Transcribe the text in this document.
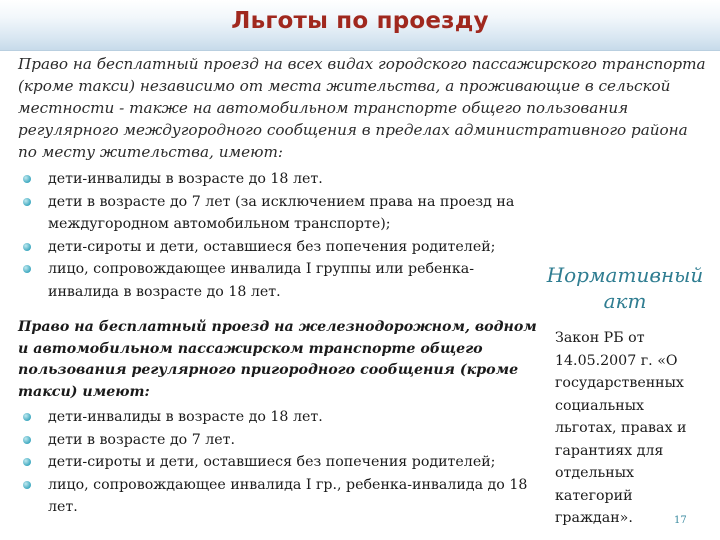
Льготы по проезду
Право на бесплатный проезд на всех видах городского пассажирского транспорта (кроме такси) независимо от места жительства, а проживающие в сельской местности - также на автомобильном транспорте общего пользования регулярного междугородного сообщения в пределах административного района по месту жительства, имеют:
дети-инвалиды в возрасте до 18 лет.
дети в возрасте до 7 лет (за исключением права на проезд на междугородном автомобильном транспорте);
дети-сироты и дети, оставшиеся без попечения родителей;
лицо, сопровождающее инвалида I группы или ребенка-инвалида в возрасте до 18 лет.
Право на бесплатный проезд на железнодорожном, водном и автомобильном пассажирском транспорте общего пользования регулярного пригородного сообщения (кроме такси) имеют:
дети-инвалиды в возрасте до 18 лет.
дети в возрасте до 7 лет.
дети-сироты и дети, оставшиеся без попечения родителей;
лицо, сопровождающее инвалида I гр., ребенка-инвалида до 18 лет.
Нормативный акт
Закон РБ от 14.05.2007 г. «О государственных социальных льготах, правах и гарантиях для отдельных категорий граждан».	17
